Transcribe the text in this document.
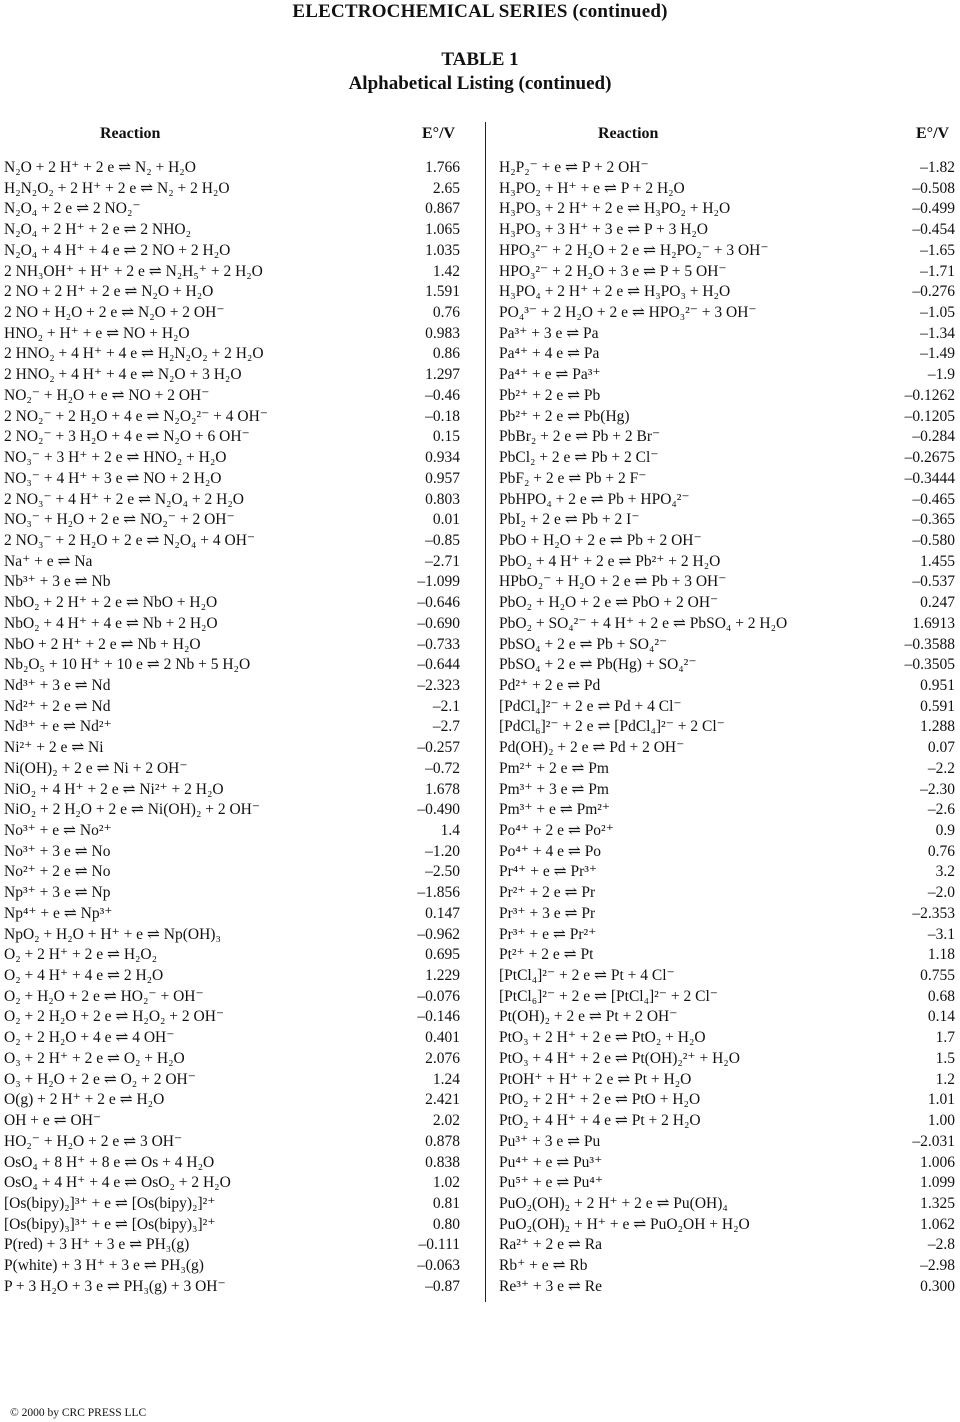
ELECTROCHEMICAL SERIES (continued)
TABLE 1
Alphabetical Listing (continued)
Reaction	E°/V	Reaction	E°/V
N₂O + 2 H⁺ + 2 e ⇌ N₂ + H₂O	1.766
H₂N₂O₂ + 2 H⁺ + 2 e ⇌ N₂ + 2 H₂O	2.65
N₂O₄ + 2 e ⇌ 2 NO₂⁻	0.867
N₂O₄ + 2 H⁺ + 2 e ⇌ 2 NHO₂	1.065
N₂O₄ + 4 H⁺ + 4 e ⇌ 2 NO + 2 H₂O	1.035
2 NH₃OH⁺ + H⁺ + 2 e ⇌ N₂H₅⁺ + 2 H₂O	1.42
2 NO + 2 H⁺ + 2 e ⇌ N₂O + H₂O	1.591
2 NO + H₂O + 2 e ⇌ N₂O + 2 OH⁻	0.76
HNO₂ + H⁺ + e ⇌ NO + H₂O	0.983
2 HNO₂ + 4 H⁺ + 4 e ⇌ H₂N₂O₂ + 2 H₂O	0.86
2 HNO₂ + 4 H⁺ + 4 e ⇌ N₂O + 3 H₂O	1.297
NO₂⁻ + H₂O + e ⇌ NO + 2 OH⁻	–0.46
2 NO₂⁻ + 2 H₂O + 4 e ⇌ N₂O₂²⁻ + 4 OH⁻	–0.18
2 NO₂⁻ + 3 H₂O + 4 e ⇌ N₂O + 6 OH⁻	0.15
NO₃⁻ + 3 H⁺ + 2 e ⇌ HNO₂ + H₂O	0.934
NO₃⁻ + 4 H⁺ + 3 e ⇌ NO + 2 H₂O	0.957
2 NO₃⁻ + 4 H⁺ + 2 e ⇌ N₂O₄ + 2 H₂O	0.803
NO₃⁻ + H₂O + 2 e ⇌ NO₂⁻ + 2 OH⁻	0.01
2 NO₃⁻ + 2 H₂O + 2 e ⇌ N₂O₄ + 4 OH⁻	–0.85
Na⁺ + e ⇌ Na	–2.71
Nb³⁺ + 3 e ⇌ Nb	–1.099
NbO₂ + 2 H⁺ + 2 e ⇌ NbO + H₂O	–0.646
NbO₂ + 4 H⁺ + 4 e ⇌ Nb + 2 H₂O	–0.690
NbO + 2 H⁺ + 2 e ⇌ Nb + H₂O	–0.733
Nb₂O₅ + 10 H⁺ + 10 e ⇌ 2 Nb + 5 H₂O	–0.644
Nd³⁺ + 3 e ⇌ Nd	–2.323
Nd²⁺ + 2 e ⇌ Nd	–2.1
Nd³⁺ + e ⇌ Nd²⁺	–2.7
Ni²⁺ + 2 e ⇌ Ni	–0.257
Ni(OH)₂ + 2 e ⇌ Ni + 2 OH⁻	–0.72
NiO₂ + 4 H⁺ + 2 e ⇌ Ni²⁺ + 2 H₂O	1.678
NiO₂ + 2 H₂O + 2 e ⇌ Ni(OH)₂ + 2 OH⁻	–0.490
No³⁺ + e ⇌ No²⁺	1.4
No³⁺ + 3 e ⇌ No	–1.20
No²⁺ + 2 e ⇌ No	–2.50
Np³⁺ + 3 e ⇌ Np	–1.856
Np⁴⁺ + e ⇌ Np³⁺	0.147
NpO₂ + H₂O + H⁺ + e ⇌ Np(OH)₃	–0.962
O₂ + 2 H⁺ + 2 e ⇌ H₂O₂	0.695
O₂ + 4 H⁺ + 4 e ⇌ 2 H₂O	1.229
O₂ + H₂O + 2 e ⇌ HO₂⁻ + OH⁻	–0.076
O₂ + 2 H₂O + 2 e ⇌ H₂O₂ + 2 OH⁻	–0.146
O₂ + 2 H₂O + 4 e ⇌ 4 OH⁻	0.401
O₃ + 2 H⁺ + 2 e ⇌ O₂ + H₂O	2.076
O₃ + H₂O + 2 e ⇌ O₂ + 2 OH⁻	1.24
O(g) + 2 H⁺ + 2 e ⇌ H₂O	2.421
OH + e ⇌ OH⁻	2.02
HO₂⁻ + H₂O + 2 e ⇌ 3 OH⁻	0.878
OsO₄ + 8 H⁺ + 8 e ⇌ Os + 4 H₂O	0.838
OsO₄ + 4 H⁺ + 4 e ⇌ OsO₂ + 2 H₂O	1.02
[Os(bipy)₂]³⁺ + e ⇌ [Os(bipy)₂]²⁺	0.81
[Os(bipy)₃]³⁺ + e ⇌ [Os(bipy)₃]²⁺	0.80
P(red) + 3 H⁺ + 3 e ⇌ PH₃(g)	–0.111
P(white) + 3 H⁺ + 3 e ⇌ PH₃(g)	–0.063
P + 3 H₂O + 3 e ⇌ PH₃(g) + 3 OH⁻	–0.87
H₂P₂⁻ + e ⇌ P + 2 OH⁻	–1.82
H₃PO₂ + H⁺ + e ⇌ P + 2 H₂O	–0.508
H₃PO₃ + 2 H⁺ + 2 e ⇌ H₃PO₂ + H₂O	–0.499
H₃PO₃ + 3 H⁺ + 3 e ⇌ P + 3 H₂O	–0.454
HPO₃²⁻ + 2 H₂O + 2 e ⇌ H₂PO₂⁻ + 3 OH⁻	–1.65
HPO₃²⁻ + 2 H₂O + 3 e ⇌ P + 5 OH⁻	–1.71
H₃PO₄ + 2 H⁺ + 2 e ⇌ H₃PO₃ + H₂O	–0.276
PO₄³⁻ + 2 H₂O + 2 e ⇌ HPO₃²⁻ + 3 OH⁻	–1.05
Pa³⁺ + 3 e ⇌ Pa	–1.34
Pa⁴⁺ + 4 e ⇌ Pa	–1.49
Pa⁴⁺ + e ⇌ Pa³⁺	–1.9
Pb²⁺ + 2 e ⇌ Pb	–0.1262
Pb²⁺ + 2 e ⇌ Pb(Hg)	–0.1205
PbBr₂ + 2 e ⇌ Pb + 2 Br⁻	–0.284
PbCl₂ + 2 e ⇌ Pb + 2 Cl⁻	–0.2675
PbF₂ + 2 e ⇌ Pb + 2 F⁻	–0.3444
PbHPO₄ + 2 e ⇌ Pb + HPO₄²⁻	–0.465
PbI₂ + 2 e ⇌ Pb + 2 I⁻	–0.365
PbO + H₂O + 2 e ⇌ Pb + 2 OH⁻	–0.580
PbO₂ + 4 H⁺ + 2 e ⇌ Pb²⁺ + 2 H₂O	1.455
HPbO₂⁻ + H₂O + 2 e ⇌ Pb + 3 OH⁻	–0.537
PbO₂ + H₂O + 2 e ⇌ PbO + 2 OH⁻	0.247
PbO₂ + SO₄²⁻ + 4 H⁺ + 2 e ⇌ PbSO₄ + 2 H₂O	1.6913
PbSO₄ + 2 e ⇌ Pb + SO₄²⁻	–0.3588
PbSO₄ + 2 e ⇌ Pb(Hg) + SO₄²⁻	–0.3505
Pd²⁺ + 2 e ⇌ Pd	0.951
[PdCl₄]²⁻ + 2 e ⇌ Pd + 4 Cl⁻	0.591
[PdCl₆]²⁻ + 2 e ⇌ [PdCl₄]²⁻ + 2 Cl⁻	1.288
Pd(OH)₂ + 2 e ⇌ Pd + 2 OH⁻	0.07
Pm²⁺ + 2 e ⇌ Pm	–2.2
Pm³⁺ + 3 e ⇌ Pm	–2.30
Pm³⁺ + e ⇌ Pm²⁺	–2.6
Po⁴⁺ + 2 e ⇌ Po²⁺	0.9
Po⁴⁺ + 4 e ⇌ Po	0.76
Pr⁴⁺ + e ⇌ Pr³⁺	3.2
Pr²⁺ + 2 e ⇌ Pr	–2.0
Pr³⁺ + 3 e ⇌ Pr	–2.353
Pr³⁺ + e ⇌ Pr²⁺	–3.1
Pt²⁺ + 2 e ⇌ Pt	1.18
[PtCl₄]²⁻ + 2 e ⇌ Pt + 4 Cl⁻	0.755
[PtCl₆]²⁻ + 2 e ⇌ [PtCl₄]²⁻ + 2 Cl⁻	0.68
Pt(OH)₂ + 2 e ⇌ Pt + 2 OH⁻	0.14
PtO₃ + 2 H⁺ + 2 e ⇌ PtO₂ + H₂O	1.7
PtO₃ + 4 H⁺ + 2 e ⇌ Pt(OH)₂²⁺ + H₂O	1.5
PtOH⁺ + H⁺ + 2 e ⇌ Pt + H₂O	1.2
PtO₂ + 2 H⁺ + 2 e ⇌ PtO + H₂O	1.01
PtO₂ + 4 H⁺ + 4 e ⇌ Pt + 2 H₂O	1.00
Pu³⁺ + 3 e ⇌ Pu	–2.031
Pu⁴⁺ + e ⇌ Pu³⁺	1.006
Pu⁵⁺ + e ⇌ Pu⁴⁺	1.099
PuO₂(OH)₂ + 2 H⁺ + 2 e ⇌ Pu(OH)₄	1.325
PuO₂(OH)₂ + H⁺ + e ⇌ PuO₂OH + H₂O	1.062
Ra²⁺ + 2 e ⇌ Ra	–2.8
Rb⁺ + e ⇌ Rb	–2.98
Re³⁺ + 3 e ⇌ Re	0.300
© 2000 by CRC PRESS LLC
